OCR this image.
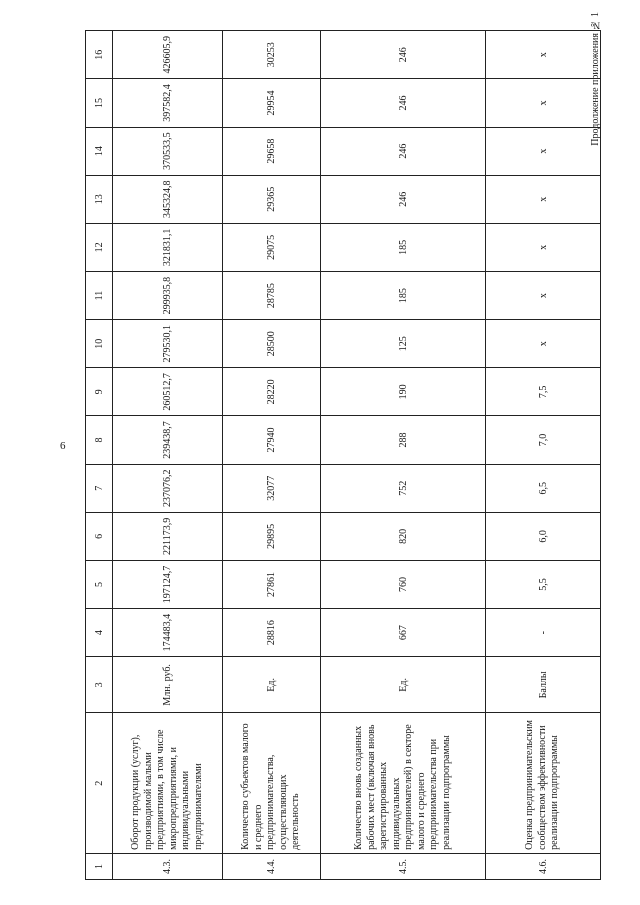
6
Продолжение приложения № 1
1	2	3	4	5	6	7	8	9	10	11	12	13	14	15	16
4.3.	Оборот продукции (услуг), производимой малыми предприятиями, в том числе микропредприятиями, и индивидуальными предпринимателями	Млн. руб.	174483,4	197124,7	221173,9	237076,2	239438,7	260512,7	279530,1	299935,8	321831,1	345324,8	370533,5	397582,4	426605,9
4.4.	Количество субъектов малого и среднего предпринимательства, осуществляющих деятельность	Ед.	28816	27861	29895	32077	27940	28220	28500	28785	29075	29365	29658	29954	30253
4.5.	Количество вновь созданных рабочих мест (включая вновь зарегистрированных индивидуальных предпринимателей) в секторе малого и среднего предпринимательства при реализации подпрограммы	Ед.	667	760	820	752	288	190	125	185	185	246	246	246	246
4.6.	Оценка предпринимательским сообществом эффективности реализации подпрограммы	Баллы	-	5,5	6,0	6,5	7,0	7,5	x	x	x	x	x	x	x
